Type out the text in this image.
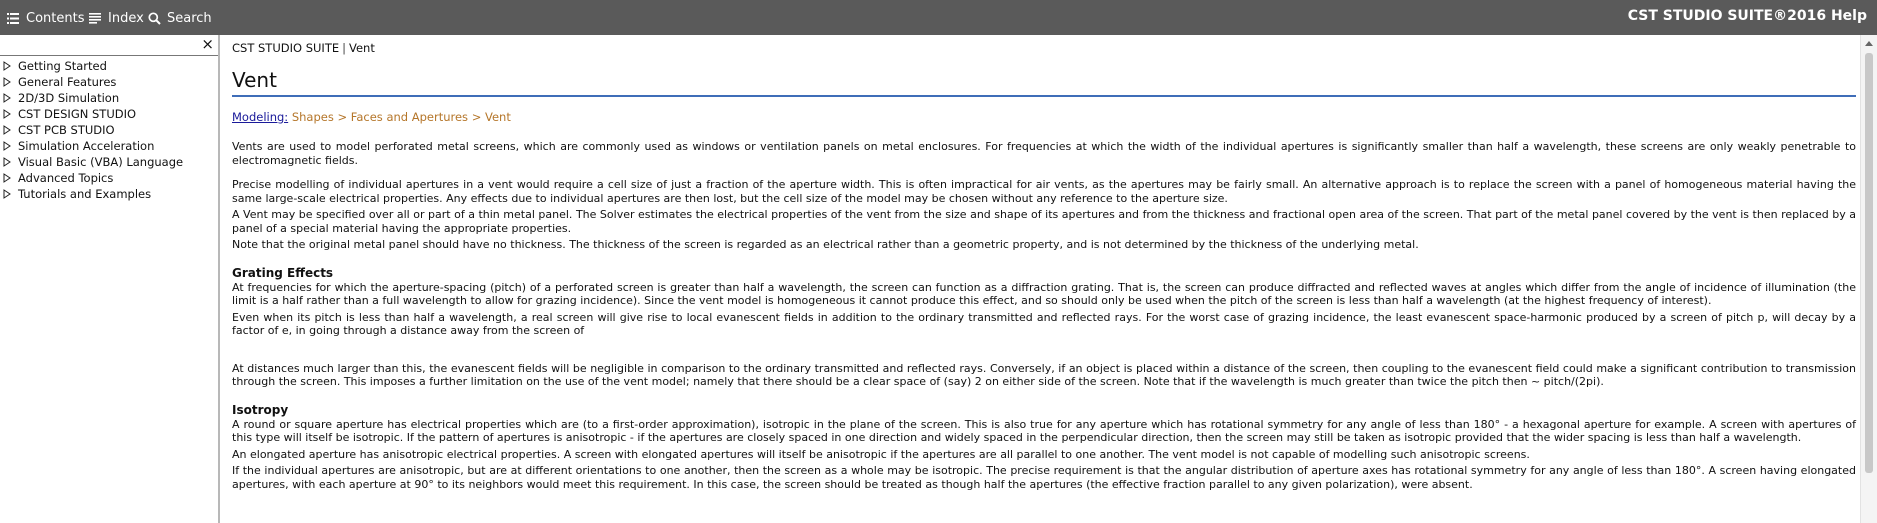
Contents Index Search	CST STUDIO SUITE®2016 Help
×
Getting Started
General Features
2D/3D Simulation
CST DESIGN STUDIO
CST PCB STUDIO
Simulation Acceleration
Visual Basic (VBA) Language
Advanced Topics
Tutorials and Examples
CST STUDIO SUITE | Vent
Vent
Modeling: Shapes > Faces and Apertures > Vent

Vents are used to model perforated metal screens, which are commonly used as windows or ventilation panels on metal enclosures. For frequencies at which the width of the individual apertures is significantly smaller than half a wavelength, these screens are only weakly penetrable to electromagnetic fields.

Precise modelling of individual apertures in a vent would require a cell size of just a fraction of the aperture width. This is often impractical for air vents, as the apertures may be fairly small. An alternative approach is to replace the screen with a panel of homogeneous material having the same large-scale electrical properties. Any effects due to individual apertures are then lost, but the cell size of the model may be chosen without any reference to the aperture size.

A Vent may be specified over all or part of a thin metal panel. The Solver estimates the electrical properties of the vent from the size and shape of its apertures and from the thickness and fractional open area of the screen. That part of the metal panel covered by the vent is then replaced by a panel of a special material having the appropriate properties.

Note that the original metal panel should have no thickness. The thickness of the screen is regarded as an electrical rather than a geometric property, and is not determined by the thickness of the underlying metal.

Grating Effects

At frequencies for which the aperture-spacing (pitch) of a perforated screen is greater than half a wavelength, the screen can function as a diffraction grating. That is, the screen can produce diffracted and reflected waves at angles which differ from the angle of incidence of illumination (the limit is a half rather than a full wavelength to allow for grazing incidence). Since the vent model is homogeneous it cannot produce this effect, and so should only be used when the pitch of the screen is less than half a wavelength (at the highest frequency of interest).

Even when its pitch is less than half a wavelength, a real screen will give rise to local evanescent fields in addition to the ordinary transmitted and reflected rays. For the worst case of grazing incidence, the least evanescent space-harmonic produced by a screen of pitch p, will decay by a factor of e, in going through a distance away from the screen of

At distances much larger than this, the evanescent fields will be negligible in comparison to the ordinary transmitted and reflected rays. Conversely, if an object is placed within a distance of the screen, then coupling to the evanescent field could make a significant contribution to transmission through the screen. This imposes a further limitation on the use of the vent model; namely that there should be a clear space of (say) 2 on either side of the screen. Note that if the wavelength is much greater than twice the pitch then ~ pitch/(2pi).

Isotropy

A round or square aperture has electrical properties which are (to a first-order approximation), isotropic in the plane of the screen. This is also true for any aperture which has rotational symmetry for any angle of less than 180° - a hexagonal aperture for example. A screen with apertures of this type will itself be isotropic. If the pattern of apertures is anisotropic - if the apertures are closely spaced in one direction and widely spaced in the perpendicular direction, then the screen may still be taken as isotropic provided that the wider spacing is less than half a wavelength.

An elongated aperture has anisotropic electrical properties. A screen with elongated apertures will itself be anisotropic if the apertures are all parallel to one another. The vent model is not capable of modelling such anisotropic screens.

If the individual apertures are anisotropic, but are at different orientations to one another, then the screen as a whole may be isotropic. The precise requirement is that the angular distribution of aperture axes has rotational symmetry for any angle of less than 180°. A screen having elongated apertures, with each aperture at 90° to its neighbors would meet this requirement. In this case, the screen should be treated as though half the apertures (the effective fraction parallel to any given polarization), were absent.
